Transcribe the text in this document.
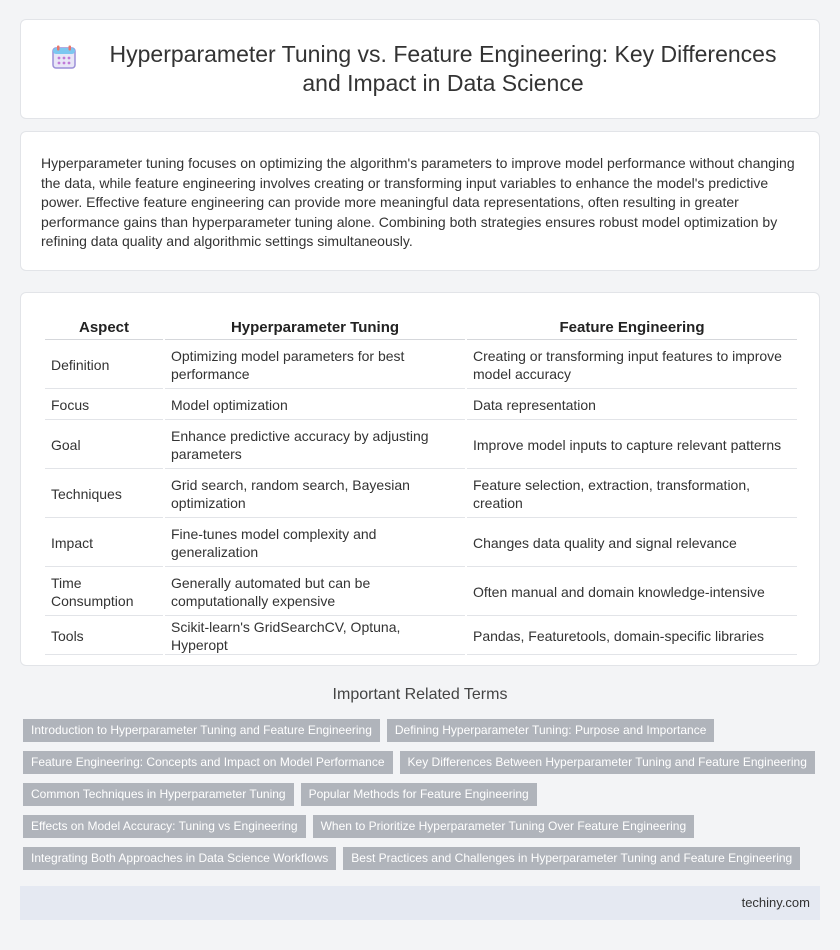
Hyperparameter Tuning vs. Feature Engineering: Key Differences and Impact in Data Science

Hyperparameter tuning focuses on optimizing the algorithm's parameters to improve model performance without changing the data, while feature engineering involves creating or transforming input variables to enhance the model's predictive power. Effective feature engineering can provide more meaningful data representations, often resulting in greater performance gains than hyperparameter tuning alone. Combining both strategies ensures robust model optimization by refining data quality and algorithmic settings simultaneously.

Aspect	Hyperparameter Tuning	Feature Engineering
Definition	Optimizing model parameters for best performance	Creating or transforming input features to improve model accuracy
Focus	Model optimization	Data representation
Goal	Enhance predictive accuracy by adjusting parameters	Improve model inputs to capture relevant patterns
Techniques	Grid search, random search, Bayesian optimization	Feature selection, extraction, transformation, creation
Impact	Fine-tunes model complexity and generalization	Changes data quality and signal relevance
Time Consumption	Generally automated but can be computationally expensive	Often manual and domain knowledge-intensive
Tools	Scikit-learn's GridSearchCV, Optuna, Hyperopt	Pandas, Featuretools, domain-specific libraries
Important Related Terms
Introduction to Hyperparameter Tuning and Feature Engineering	Defining Hyperparameter Tuning: Purpose and Importance
Feature Engineering: Concepts and Impact on Model Performance	Key Differences Between Hyperparameter Tuning and Feature Engineering
Common Techniques in Hyperparameter Tuning	Popular Methods for Feature Engineering
Effects on Model Accuracy: Tuning vs Engineering	When to Prioritize Hyperparameter Tuning Over Feature Engineering
Integrating Both Approaches in Data Science Workflows	Best Practices and Challenges in Hyperparameter Tuning and Feature Engineering
techiny.com
